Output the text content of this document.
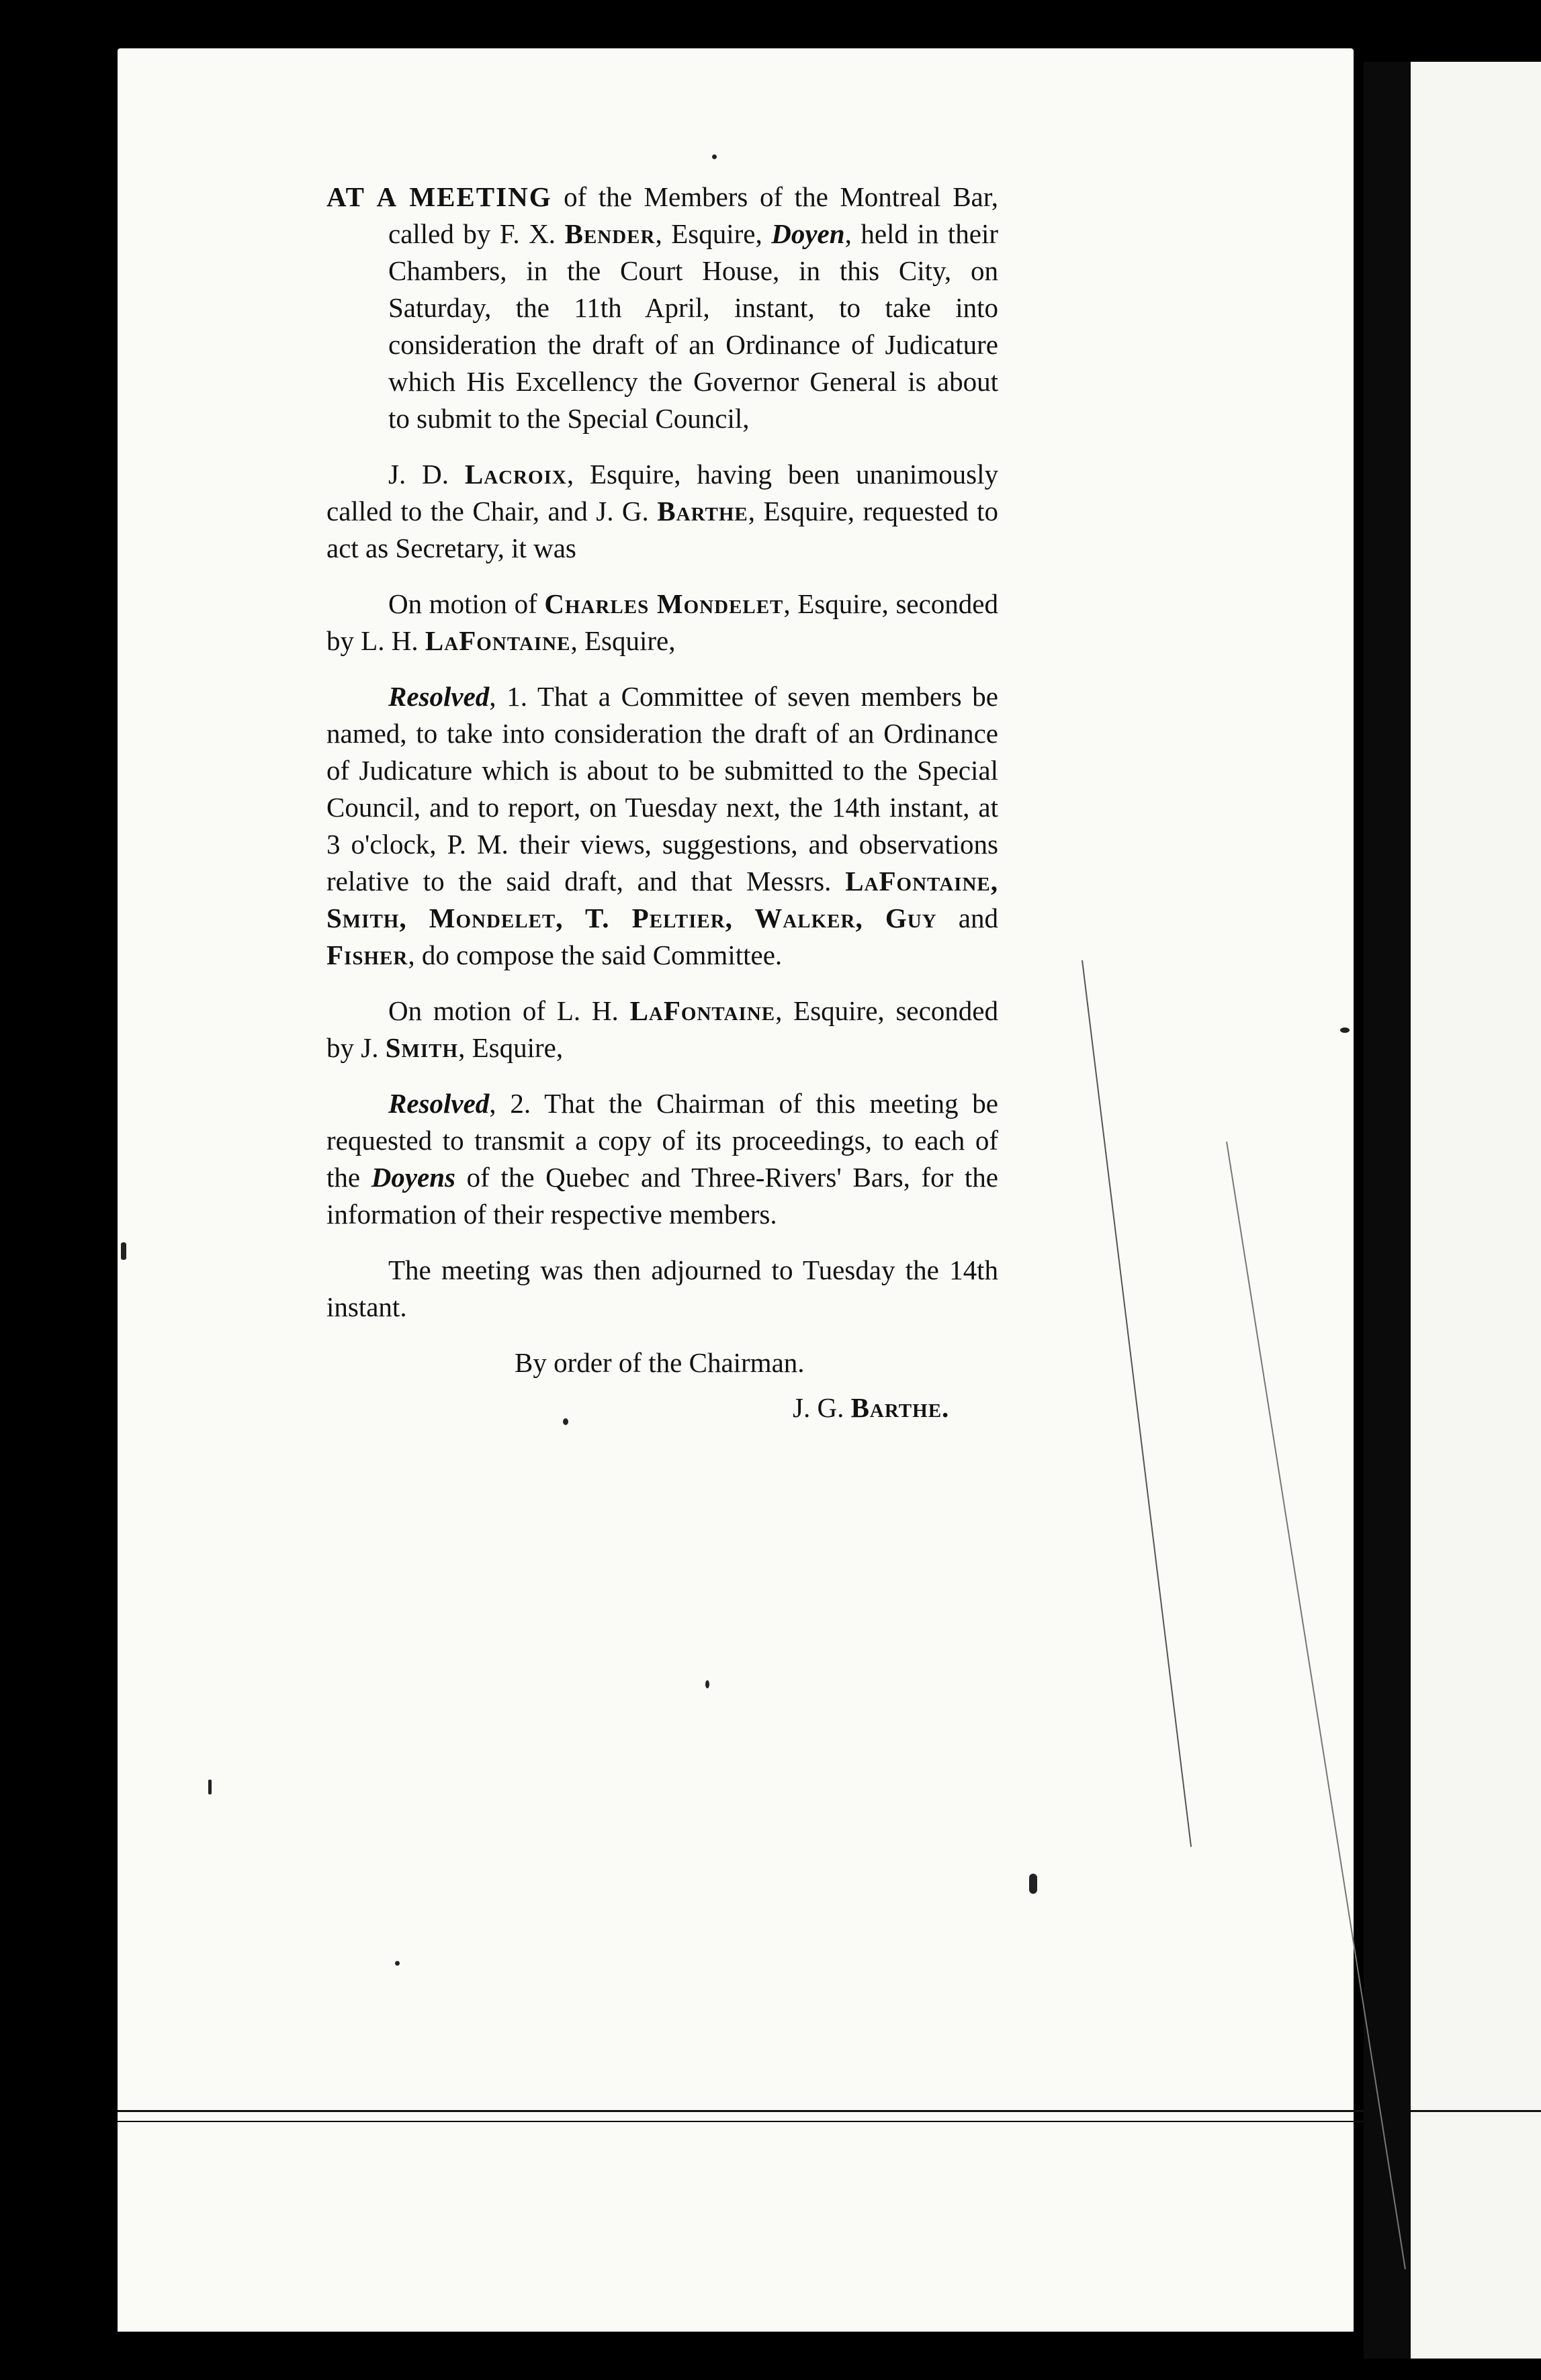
AT A MEETING of the Members of the Montreal Bar, called by F. X. Bender, Esquire, Doyen, held in their Chambers, in the Court House, in this City, on Saturday, the 11th April, instant, to take into consideration the draft of an Ordinance of Judicature which His Excellency the Governor General is about to submit to the Special Council,

J. D. Lacroix, Esquire, having been unanimously called to the Chair, and J. G. Barthe, Esquire, requested to act as Secretary, it was

On motion of Charles Mondelet, Esquire, seconded by L. H. LaFontaine, Esquire,

Resolved, 1. That a Committee of seven members be named, to take into consideration the draft of an Ordinance of Judicature which is about to be submitted to the Special Council, and to report, on Tuesday next, the 14th instant, at 3 o'clock, P. M. their views, suggestions, and observations relative to the said draft, and that Messrs. LaFontaine, Smith, Mondelet, T. Peltier, Walker, Guy and Fisher, do compose the said Committee.

On motion of L. H. LaFontaine, Esquire, seconded by J. Smith, Esquire,

Resolved, 2. That the Chairman of this meeting be requested to transmit a copy of its proceedings, to each of the Doyens of the Quebec and Three-Rivers' Bars, for the information of their respective members.

The meeting was then adjourned to Tuesday the 14th instant.

By order of the Chairman.

J. G. Barthe.
